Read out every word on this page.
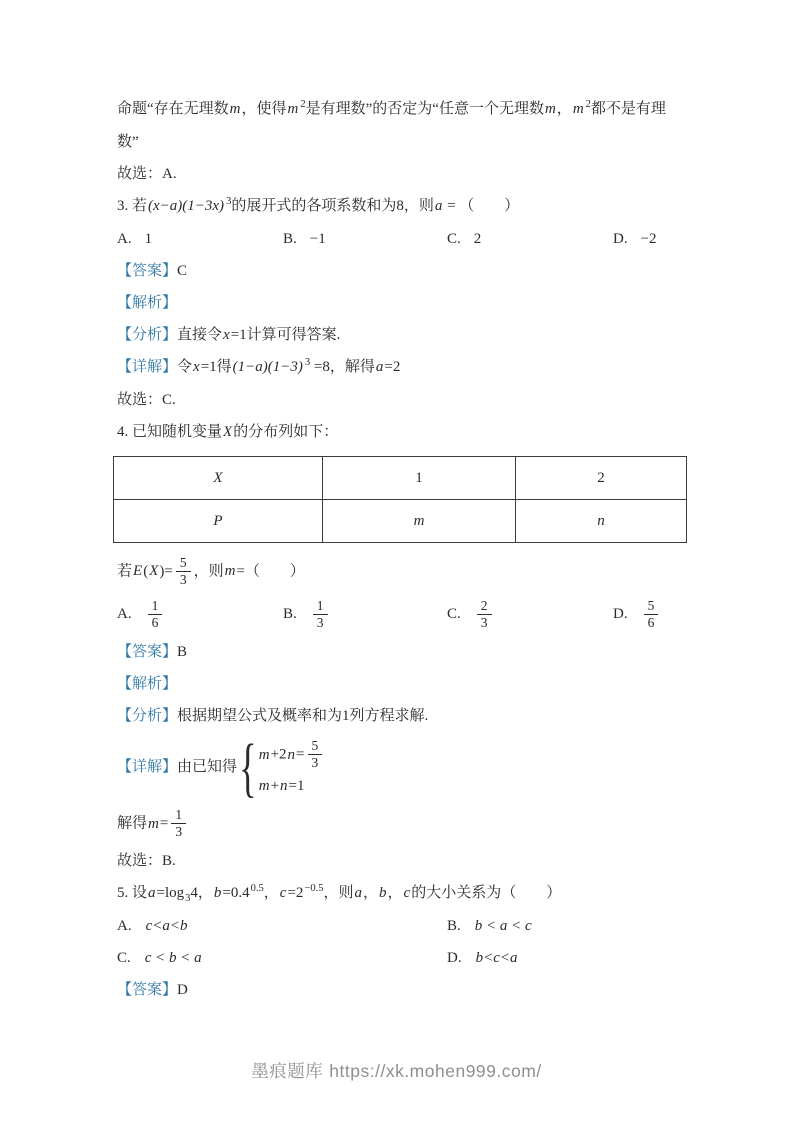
命题“存在无理数m，使得m $^2$是有理数”的否定为“任意一个无理数m，m $^2$都不是有理
数”
故选：A.
3. 若(x−a)(1−3x) $^3$的展开式的各项系数和为8，则a = （　　）
A. 1	B. −1	C. 2	D. −2
【答案】C
【解析】
【分析】直接令x=1计算可得答案.
【详解】令x=1得(1−a)(1−3) $^3$ =8，解得a=2
故选：C.
4. 已知随机变量X的分布列如下：
X	1	2
P	m	n
若$E(X)= \frac{5}{3}$ ，则m=（　　）
A. $\frac{1}{6}$	B. $\frac{1}{3}$	C. $\frac{2}{3}$	D. $\frac{5}{6}$
【答案】B
【解析】
【分析】根据期望公式及概率和为1列方程求解.
【详解】由已知得 { $m+2n= \frac{5}{3}$
m+n=1
解得$m= \frac{1}{3}$
故选：B.
5. 设$a=\log_34$，$b=0.4^{0.5}$，$c=2^{-0.5}$，则a，b，c的大小关系为（　　）
A. c<a<b	B. b < a < c
C. c < b < a	D. b<c<a
【答案】D
墨痕题库 https://xk.mohen999.com/
